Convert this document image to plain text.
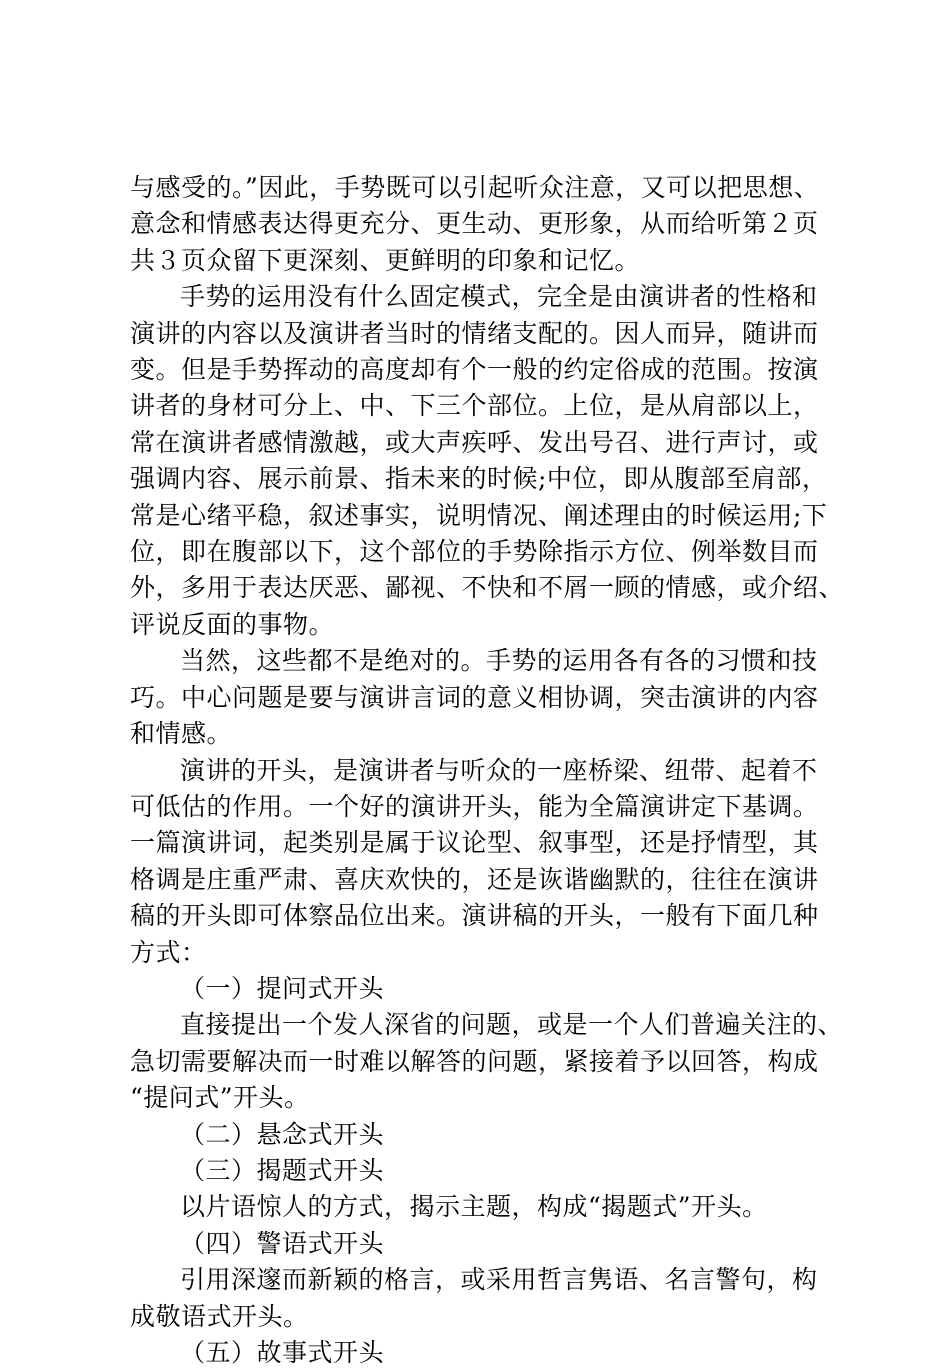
与感受的。”因此，手势既可以引起听众注意，又可以把思想、
意念和情感表达得更充分、更生动、更形象，从而给听第２页
共３页众留下更深刻、更鲜明的印象和记忆。
手势的运用没有什么固定模式，完全是由演讲者的性格和
演讲的内容以及演讲者当时的情绪支配的。因人而异，随讲而
变。但是手势挥动的高度却有个一般的约定俗成的范围。按演
讲者的身材可分上、中、下三个部位。上位，是从肩部以上，
常在演讲者感情激越，或大声疾呼、发出号召、进行声讨，或
强调内容、展示前景、指未来的时候;中位，即从腹部至肩部，
常是心绪平稳，叙述事实，说明情况、阐述理由的时候运用;下
位，即在腹部以下，这个部位的手势除指示方位、例举数目而
外，多用于表达厌恶、鄙视、不快和不屑一顾的情感，或介绍、
评说反面的事物。
当然，这些都不是绝对的。手势的运用各有各的习惯和技
巧。中心问题是要与演讲言词的意义相协调，突击演讲的内容
和情感。
演讲的开头，是演讲者与听众的一座桥梁、纽带、起着不
可低估的作用。一个好的演讲开头，能为全篇演讲定下基调。
一篇演讲词，起类别是属于议论型、叙事型，还是抒情型，其
格调是庄重严肃、喜庆欢快的，还是诙谐幽默的，往往在演讲
稿的开头即可体察品位出来。演讲稿的开头，一般有下面几种
方式：
（一）提问式开头
直接提出一个发人深省的问题，或是一个人们普遍关注的、
急切需要解决而一时难以解答的问题，紧接着予以回答，构成
“提问式”开头。
（二）悬念式开头
（三）揭题式开头
以片语惊人的方式，揭示主题，构成“揭题式”开头。
（四）警语式开头
引用深邃而新颖的格言，或采用哲言隽语、名言警句，构
成敬语式开头。
（五）故事式开头
